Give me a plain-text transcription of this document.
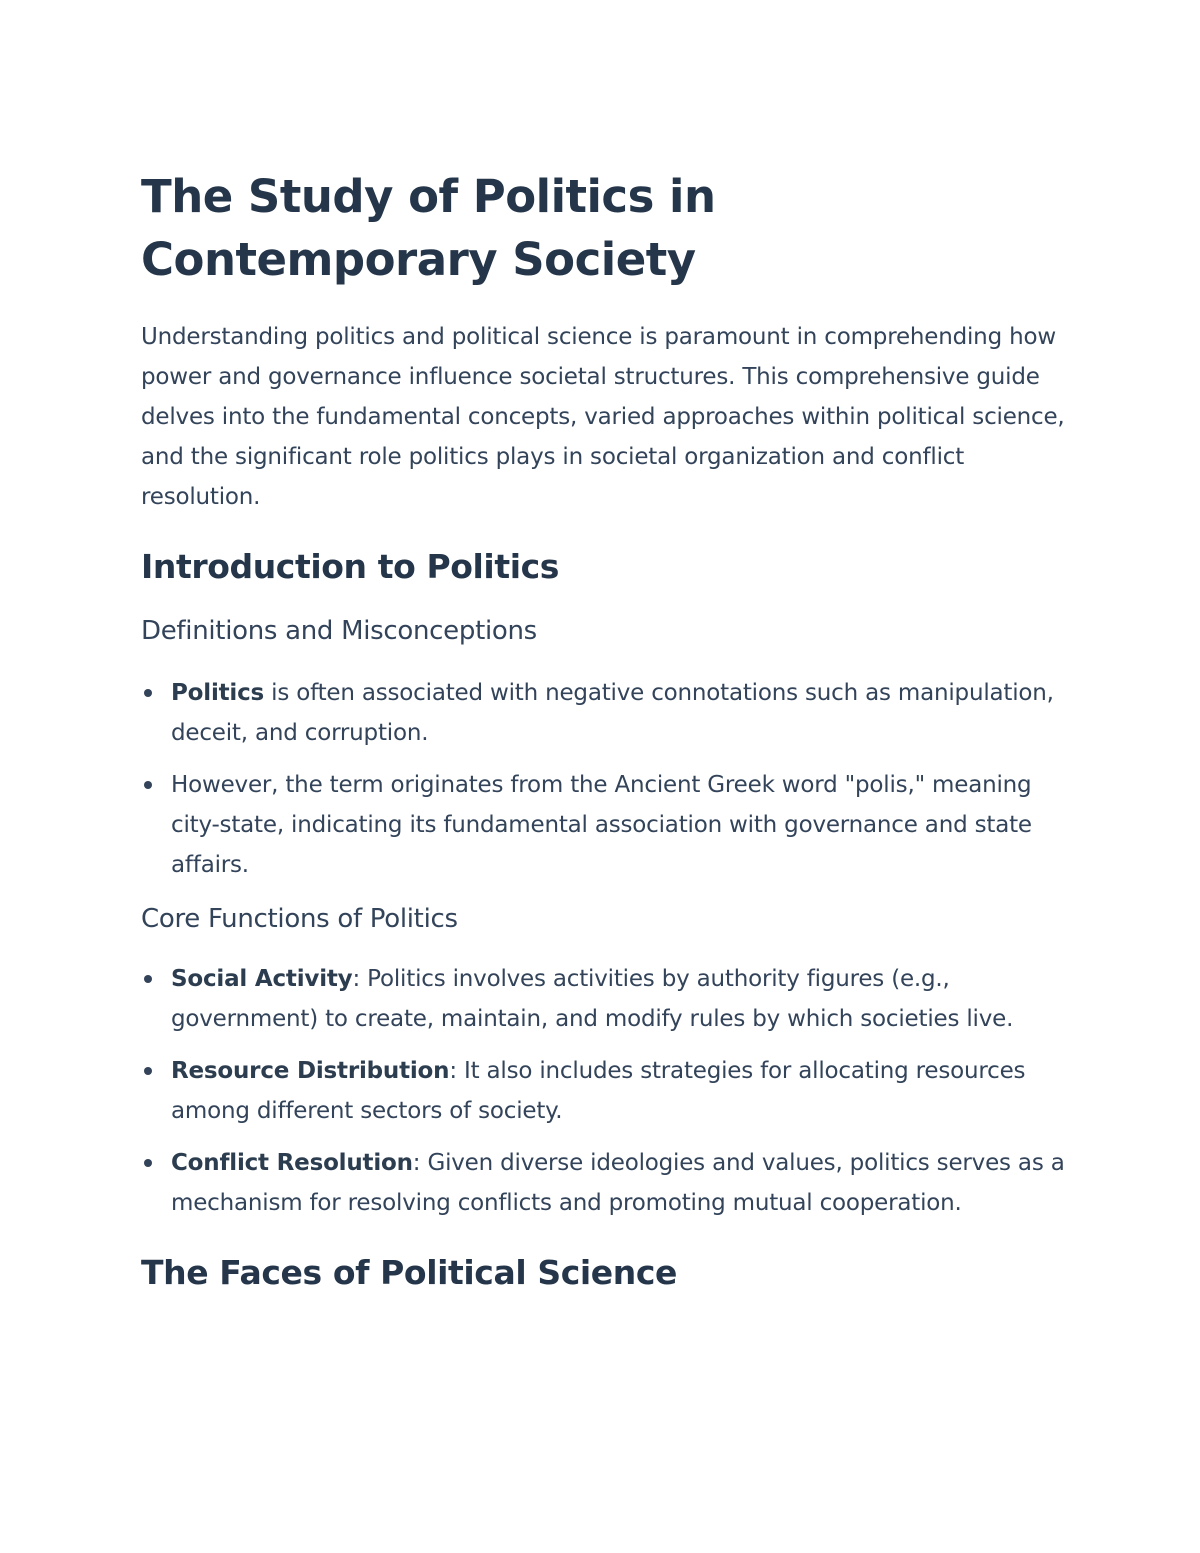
The Study of Politics in Contemporary Society

Understanding politics and political science is paramount in comprehending how power and governance influence societal structures. This comprehensive guide delves into the fundamental concepts, varied approaches within political science, and the significant role politics plays in societal organization and conflict resolution.

Introduction to Politics
Definitions and Misconceptions
Politics is often associated with negative connotations such as manipulation, deceit, and corruption.
However, the term originates from the Ancient Greek word "polis," meaning city-state, indicating its fundamental association with governance and state affairs.
Core Functions of Politics
Social Activity: Politics involves activities by authority figures (e.g., government) to create, maintain, and modify rules by which societies live.
Resource Distribution: It also includes strategies for allocating resources among different sectors of society.
Conflict Resolution: Given diverse ideologies and values, politics serves as a mechanism for resolving conflicts and promoting mutual cooperation.
The Faces of Political Science
